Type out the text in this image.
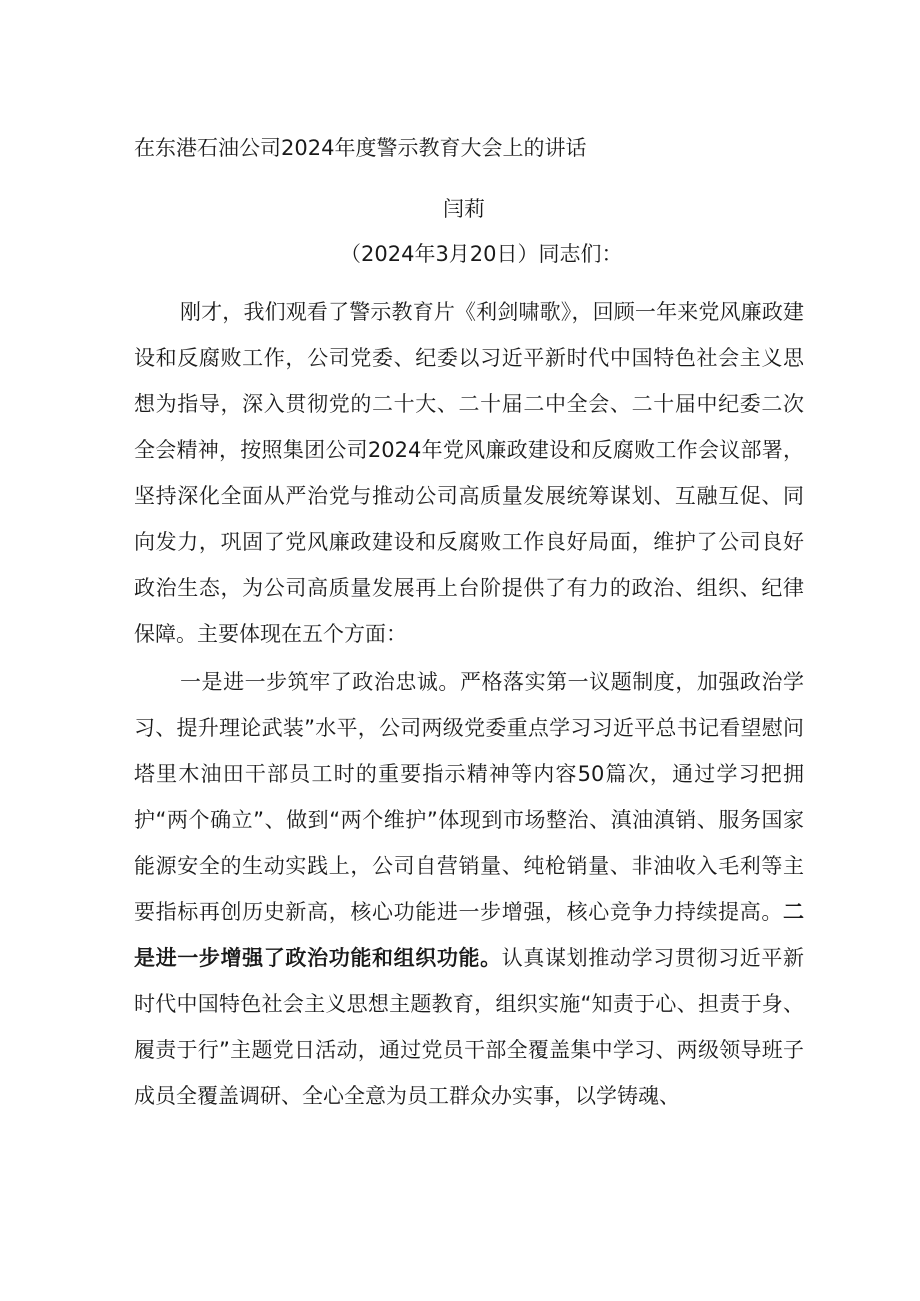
在东港石油公司2024年度警示教育大会上的讲话
闫莉
（2024年3月20日）同志们：

刚才，我们观看了警示教育片《利剑啸歌》，回顾一年来党风廉政建设和反腐败工作，公司党委、纪委以习近平新时代中国特色社会主义思想为指导，深入贯彻党的二十大、二十届二中全会、二十届中纪委二次全会精神，按照集团公司2024年党风廉政建设和反腐败工作会议部署，坚持深化全面从严治党与推动公司高质量发展统筹谋划、互融互促、同向发力，巩固了党风廉政建设和反腐败工作良好局面，维护了公司良好政治生态，为公司高质量发展再上台阶提供了有力的政治、组织、纪律保障。主要体现在五个方面：

一是进一步筑牢了政治忠诚。严格落实第一议题制度，加强政治学习、提升理论武装”水平，公司两级党委重点学习习近平总书记看望慰问塔里木油田干部员工时的重要指示精神等内容50篇次，通过学习把拥护“两个确立”、做到“两个维护”体现到市场整治、滇油滇销、服务国家能源安全的生动实践上，公司自营销量、纯枪销量、非油收入毛利等主要指标再创历史新高，核心功能进一步增强，核心竞争力持续提高。二是进一步增强了政治功能和组织功能。认真谋划推动学习贯彻习近平新时代中国特色社会主义思想主题教育，组织实施“知责于心、担责于身、履责于行”主题党日活动，通过党员干部全覆盖集中学习、两级领导班子成员全覆盖调研、全心全意为员工群众办实事，以学铸魂、
